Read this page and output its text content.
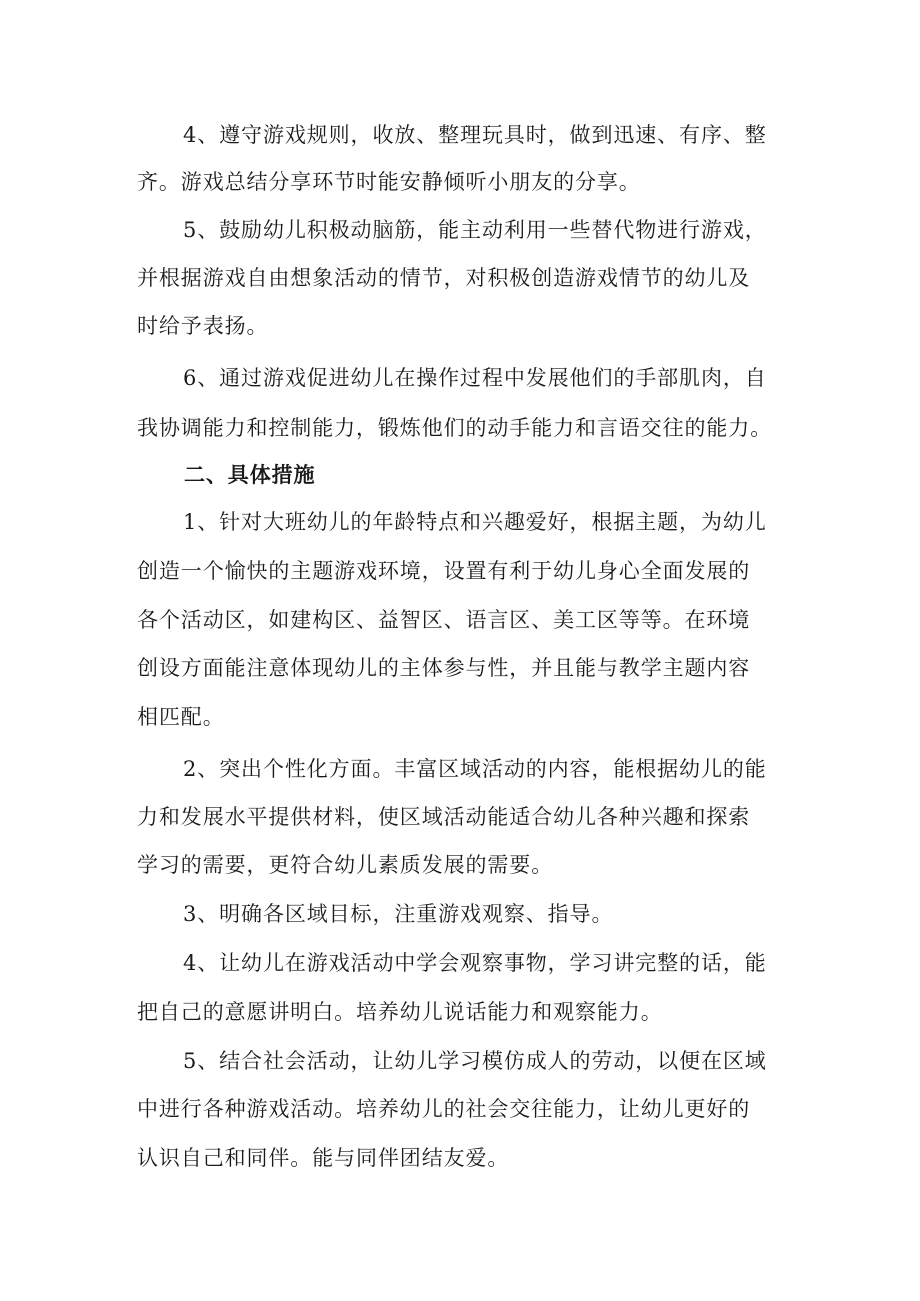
4、遵守游戏规则，收放、整理玩具时，做到迅速、有序、整
齐。游戏总结分享环节时能安静倾听小朋友的分享。
5、鼓励幼儿积极动脑筋，能主动利用一些替代物进行游戏，
并根据游戏自由想象活动的情节，对积极创造游戏情节的幼儿及
时给予表扬。
6、通过游戏促进幼儿在操作过程中发展他们的手部肌肉，自
我协调能力和控制能力，锻炼他们的动手能力和言语交往的能力。
二、具体措施
1、针对大班幼儿的年龄特点和兴趣爱好，根据主题，为幼儿
创造一个愉快的主题游戏环境，设置有利于幼儿身心全面发展的
各个活动区，如建构区、益智区、语言区、美工区等等。在环境
创设方面能注意体现幼儿的主体参与性，并且能与教学主题内容
相匹配。
2、突出个性化方面。丰富区域活动的内容，能根据幼儿的能
力和发展水平提供材料，使区域活动能适合幼儿各种兴趣和探索
学习的需要，更符合幼儿素质发展的需要。
3、明确各区域目标，注重游戏观察、指导。
4、让幼儿在游戏活动中学会观察事物，学习讲完整的话，能
把自己的意愿讲明白。培养幼儿说话能力和观察能力。
5、结合社会活动，让幼儿学习模仿成人的劳动，以便在区域
中进行各种游戏活动。培养幼儿的社会交往能力，让幼儿更好的
认识自己和同伴。能与同伴团结友爱。
